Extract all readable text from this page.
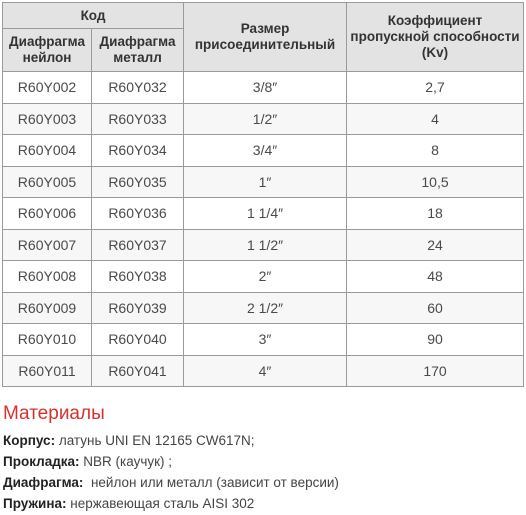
Код		Размер присоединительный	Коэффициент пропускной способности (Kv)
Диафрагма нейлон	Диафрагма металл		
R60Y002	R60Y032	3/8″	2,7
R60Y003	R60Y033	1/2″	4
R60Y004	R60Y034	3/4″	8
R60Y005	R60Y035	1″	10,5
R60Y006	R60Y036	1 1/4″	18
R60Y007	R60Y037	1 1/2″	24
R60Y008	R60Y038	2″	48
R60Y009	R60Y039	2 1/2″	60
R60Y010	R60Y040	3″	90
R60Y011	R60Y041	4″	170
Материалы

Корпус: латунь UNI EN 12165 CW617N;

Прокладка: NBR (каучук) ;

Диафрагма:  нейлон или металл (зависит от версии)

Пружина: нержавеющая сталь AISI 302
